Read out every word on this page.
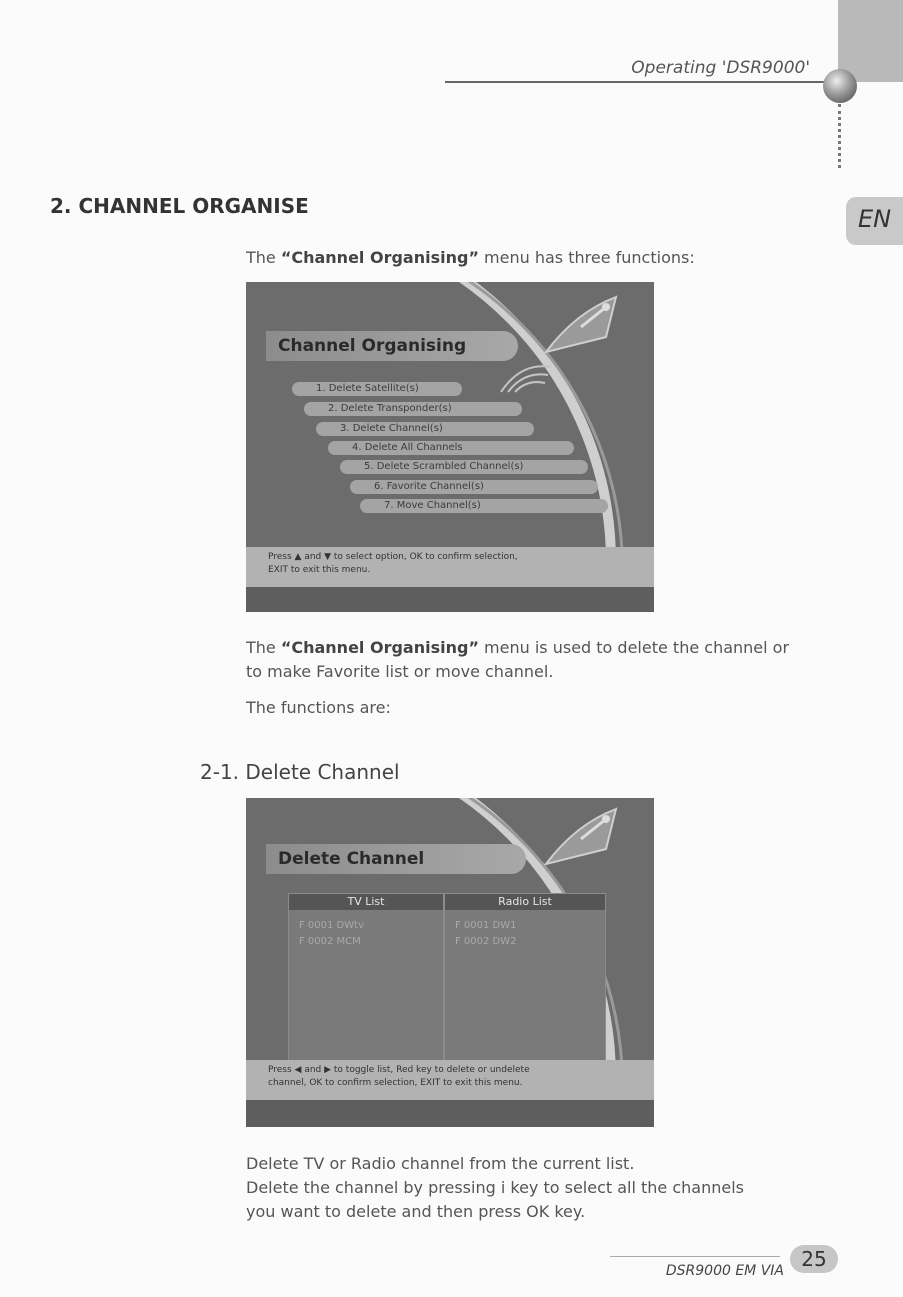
Operating 'DSR9000'
EN
2. CHANNEL ORGANISE
The “Channel Organising” menu has three functions:
Channel Organising
1. Delete Satellite(s)
2. Delete Transponder(s)
3. Delete Channel(s)
4. Delete All Channels
5. Delete Scrambled Channel(s)
6. Favorite Channel(s)
7. Move Channel(s)
Press ▲ and ▼ to select option, OK to confirm selection,
EXIT to exit this menu.
The “Channel Organising” menu is used to delete the channel or
to make Favorite list or move channel.
The functions are:
2-1. Delete Channel
Delete Channel
TV List
F 0001 DWtv
F 0002 MCM
Radio List
F 0001 DW1
F 0002 DW2
Press ◀ and ▶ to toggle list, Red key to delete or undelete
channel, OK to confirm selection, EXIT to exit this menu.
Delete TV or Radio channel from the current list.
Delete the channel by pressing i key to select all the channels
you want to delete and then press OK key.
DSR9000 EM VIA 25
